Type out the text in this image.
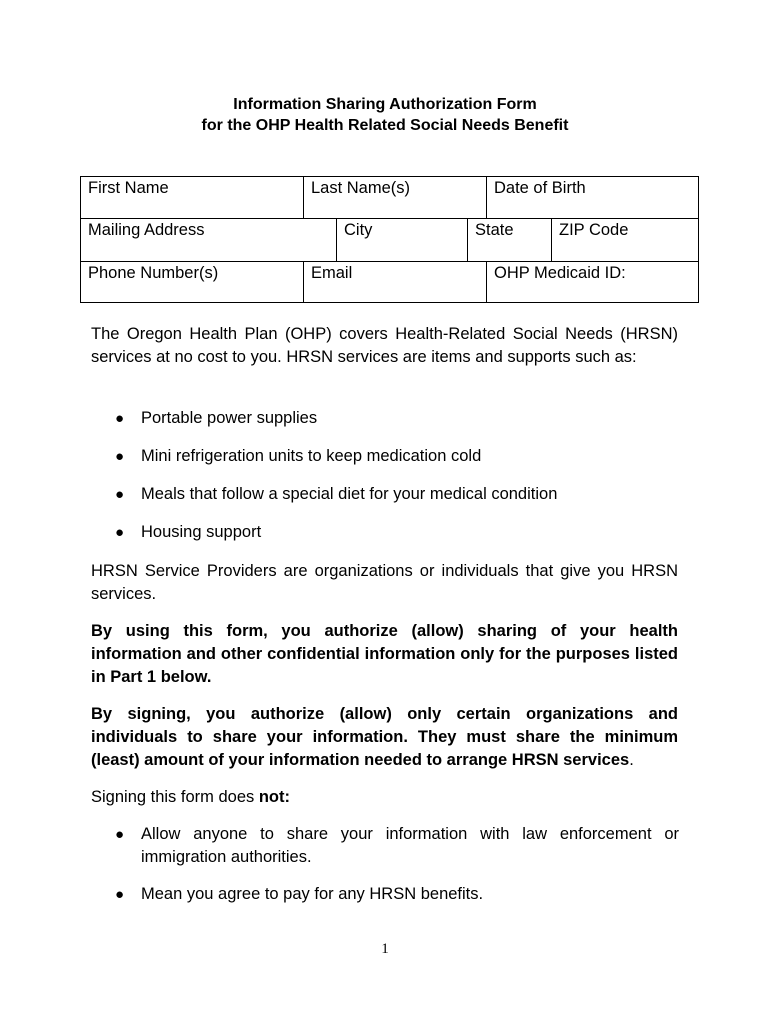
Information Sharing Authorization Form
for the OHP Health Related Social Needs Benefit
First Name	Last Name(s)	Date of Birth
Mailing Address	City	State	ZIP Code
Phone Number(s)	Email	OHP Medicaid ID:
The Oregon Health Plan (OHP) covers Health-Related Social Needs (HRSN) services at no cost to you. HRSN services are items and supports such as:
●	Portable power supplies
●	Mini refrigeration units to keep medication cold
●	Meals that follow a special diet for your medical condition
●	Housing support
HRSN Service Providers are organizations or individuals that give you HRSN services.
By using this form, you authorize (allow) sharing of your health information and other confidential information only for the purposes listed in Part 1 below.
By signing, you authorize (allow) only certain organizations and individuals to share your information. They must share the minimum (least) amount of your information needed to arrange HRSN services.
Signing this form does not:
●	Allow anyone to share your information with law enforcement or immigration authorities.
●	Mean you agree to pay for any HRSN benefits.
1
